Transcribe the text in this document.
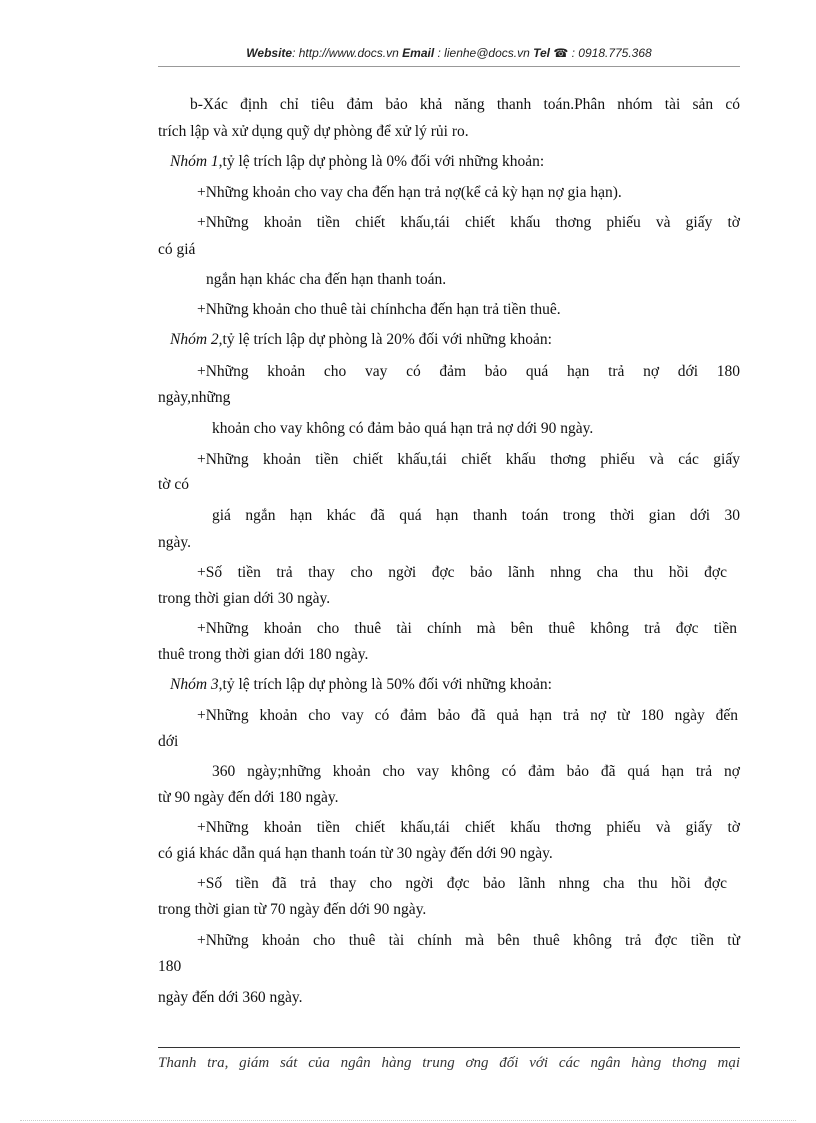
Website: http://www.docs.vn Email : lienhe@docs.vn Tel ☎ : 0918.775.368
b-Xác định chỉ tiêu đảm bảo khả năng thanh toán.Phân nhóm tài sản có
trích lập và xử dụng quỹ dự phòng để xử lý rủi ro.
Nhóm 1,tỷ lệ trích lập dự phòng là 0% đối với những khoản:
+Những khoản cho vay cha đến hạn trả nợ(kể cả kỳ hạn nợ gia hạn).
+Những khoản tiền chiết khấu,tái chiết khấu thơng phiếu và giấy tờ
có giá
ngắn hạn khác cha đến hạn thanh toán.
+Những khoản cho thuê tài chínhcha đến hạn trả tiền thuê.
Nhóm 2,tỷ lệ trích lập dự phòng là 20% đối với những khoản:
+Những khoản cho vay có đảm bảo quá hạn trả nợ dới 180
ngày,những
khoản cho vay không có đảm bảo quá hạn trả nợ dới 90 ngày.
+Những khoản tiền chiết khấu,tái chiết khấu thơng phiếu và các giấy
tờ có
giá ngắn hạn khác đã quá hạn thanh toán trong thời gian dới 30
ngày.
+Số tiền trả thay cho ngời đợc bảo lãnh nhng cha thu hồi đợc
trong thời gian dới 30 ngày.
+Những khoản cho thuê tài chính mà bên thuê không trả đợc tiền
thuê trong thời gian dới 180 ngày.
Nhóm 3,tỷ lệ trích lập dự phòng là 50% đối với những khoản:
+Những khoản cho vay có đảm bảo đã quả hạn trả nợ từ 180 ngày đến
dới
360 ngày;những khoản cho vay không có đảm bảo đã quá hạn trả nợ
từ 90 ngày đến dới 180 ngày.
+Những khoản tiền chiết khấu,tái chiết khấu thơng phiếu và giấy tờ
có giá khác dẫn quá hạn thanh toán từ 30 ngày đến dới 90 ngày.
+Số tiền đã trả thay cho ngời đợc bảo lãnh nhng cha thu hồi đợc
trong thời gian từ 70 ngày đến dới 90 ngày.
+Những khoản cho thuê tài chính mà bên thuê không trả đợc tiền từ
180
ngày đến dới 360 ngày.
Thanh tra, giám sát của ngân hàng trung ơng đối với các ngân hàng thơng mại
